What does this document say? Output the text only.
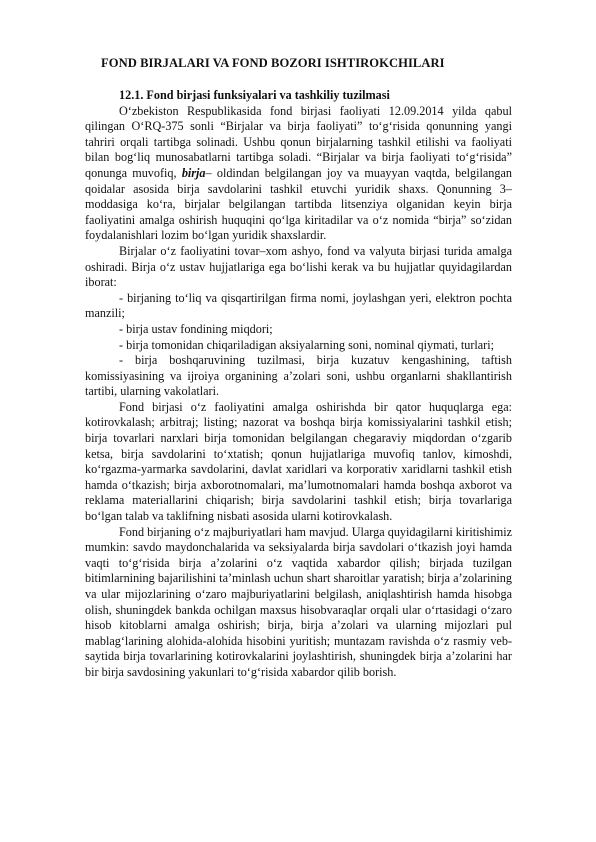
FOND BIRJALARI VA FOND BOZORI ISHTIROKCHILARI

12.1. Fond birjasi funksiyalari va tashkiliy tuzilmasi

O‘zbekiston Respublikasida fond birjasi faoliyati 12.09.2014 yilda qabul qilingan O‘RQ-375 sonli “Birjalar va birja faoliyati” to‘g‘risida qonunning yangi tahriri orqali tartibga solinadi. Ushbu qonun birjalarning tashkil etilishi va faoliyati bilan bog‘liq munosabatlarni tartibga soladi. “Birjalar va birja faoliyati to‘g‘risida” qonunga muvofiq, birja– oldindan belgilangan joy va muayyan vaqtda, belgilangan qoidalar asosida birja savdolarini tashkil etuvchi yuridik shaxs. Qonunning 3–moddasiga ko‘ra, birjalar belgilangan tartibda litsenziya olganidan keyin birja faoliyatini amalga oshirish huquqini qo‘lga kiritadilar va o‘z nomida “birja” so‘zidan foydalanishlari lozim bo‘lgan yuridik shaxslardir.

Birjalar o‘z faoliyatini tovar–xom ashyo, fond va valyuta birjasi turida amalga oshiradi. Birja o‘z ustav hujjatlariga ega bo‘lishi kerak va bu hujjatlar quyidagilardan iborat:

- birjaning to‘liq va qisqartirilgan firma nomi, joylashgan yeri, elektron pochta manzili;

- birja ustav fondining miqdori;

- birja tomonidan chiqariladigan aksiyalarning soni, nominal qiymati, turlari;

- birja boshqaruvining tuzilmasi, birja kuzatuv kengashining, taftish komissiyasining va ijroiya organining a’zolari soni, ushbu organlarni shakllantirish tartibi, ularning vakolatlari.

Fond birjasi o‘z faoliyatini amalga oshirishda bir qator huquqlarga ega: kotirovkalash; arbitraj; listing; nazorat va boshqa birja komissiyalarini tashkil etish; birja tovarlari narxlari birja tomonidan belgilangan chegaraviy miqdordan o‘zgarib ketsa, birja savdolarini to‘xtatish; qonun hujjatlariga muvofiq tanlov, kimoshdi, ko‘rgazma-yarmarka savdolarini, davlat xaridlari va korporativ xaridlarni tashkil etish hamda o‘tkazish; birja axborotnomalari, ma’lumotnomalari hamda boshqa axborot va reklama materiallarini chiqarish; birja savdolarini tashkil etish; birja tovarlariga bo‘lgan talab va taklifning nisbati asosida ularni kotirovkalash.

Fond birjaning o‘z majburiyatlari ham mavjud. Ularga quyidagilarni kiritishimiz mumkin: savdo maydonchalarida va seksiyalarda birja savdolari o‘tkazish joyi hamda vaqti to‘g‘risida birja a’zolarini o‘z vaqtida xabardor qilish; birjada tuzilgan bitimlarnining bajarilishini ta’minlash uchun shart sharoitlar yaratish; birja a’zolarining va ular mijozlarining o‘zaro majburiyatlarini belgilash, aniqlashtirish hamda hisobga olish, shuningdek bankda ochilgan maxsus hisobvaraqlar orqali ular o‘rtasidagi o‘zaro hisob kitoblarni amalga oshirish; birja, birja a’zolari va ularning mijozlari pul mablag‘larining alohida-alohida hisobini yuritish; muntazam ravishda o‘z rasmiy veb-saytida birja tovarlarining kotirovkalarini joylashtirish, shuningdek birja a’zolarini har bir birja savdosining yakunlari to‘g‘risida xabardor qilib borish.
